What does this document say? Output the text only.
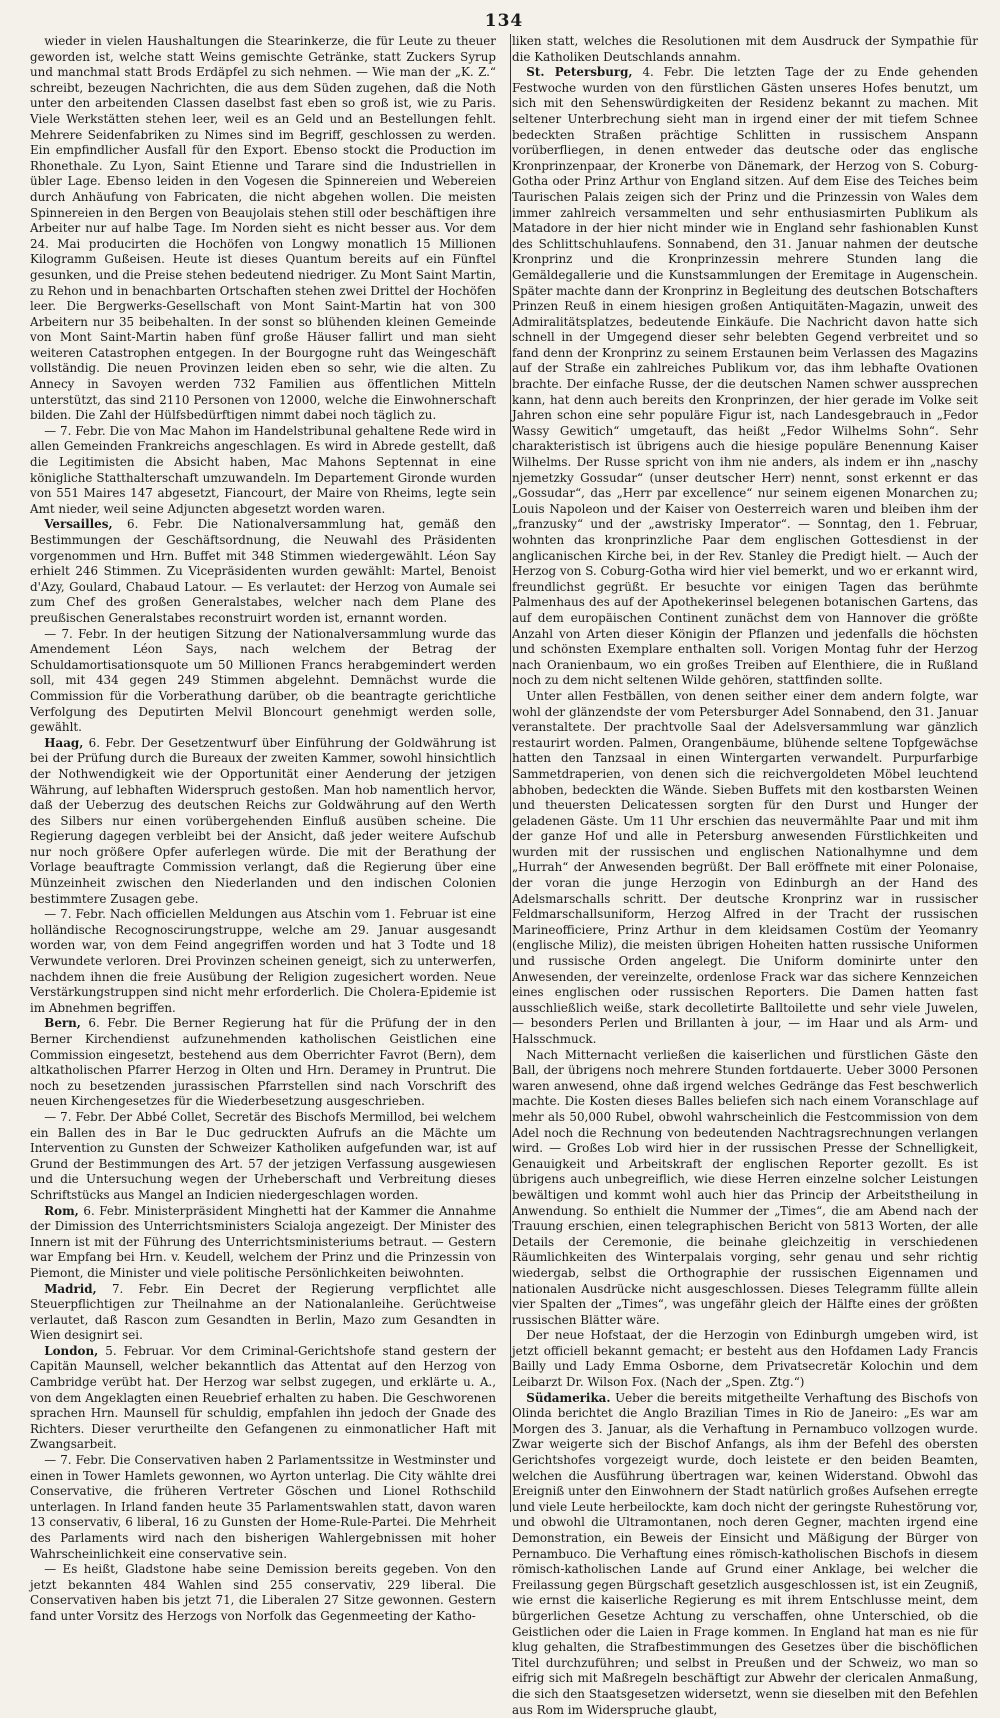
134

wieder in vielen Haushaltungen die Stearinkerze, die für Leute zu theuer geworden ist, welche statt Weins gemischte Getränke, statt Zuckers Syrup und manchmal statt Brods Erdäpfel zu sich nehmen. — Wie man der „K. Z.“ schreibt, bezeugen Nachrichten, die aus dem Süden zugehen, daß die Noth unter den arbeitenden Classen daselbst fast eben so groß ist, wie zu Paris. Viele Werkstätten stehen leer, weil es an Geld und an Bestellungen fehlt. Mehrere Seidenfabriken zu Nimes sind im Begriff, geschlossen zu werden. Ein empfindlicher Ausfall für den Export. Ebenso stockt die Production im Rhonethale. Zu Lyon, Saint Etienne und Tarare sind die Industriellen in übler Lage. Ebenso leiden in den Vogesen die Spinnereien und Webereien durch Anhäufung von Fabricaten, die nicht abgehen wollen. Die meisten Spinnereien in den Bergen von Beaujolais stehen still oder beschäftigen ihre Arbeiter nur auf halbe Tage. Im Norden sieht es nicht besser aus. Vor dem 24. Mai producirten die Hochöfen von Longwy monatlich 15 Millionen Kilogramm Gußeisen. Heute ist dieses Quantum bereits auf ein Fünftel gesunken, und die Preise stehen bedeutend niedriger. Zu Mont Saint Martin, zu Rehon und in benachbarten Ortschaften stehen zwei Drittel der Hochöfen leer. Die Bergwerks-Gesellschaft von Mont Saint-Martin hat von 300 Arbeitern nur 35 beibehalten. In der sonst so blühenden kleinen Gemeinde von Mont Saint-Martin haben fünf große Häuser fallirt und man sieht weiteren Catastrophen entgegen. In der Bourgogne ruht das Weingeschäft vollständig. Die neuen Provinzen leiden eben so sehr, wie die alten. Zu Annecy in Savoyen werden 732 Familien aus öffentlichen Mitteln unterstützt, das sind 2110 Personen von 12000, welche die Einwohnerschaft bilden. Die Zahl der Hülfsbedürftigen nimmt dabei noch täglich zu.

— 7. Febr. Die von Mac Mahon im Handelstribunal gehaltene Rede wird in allen Gemeinden Frankreichs angeschlagen. Es wird in Abrede gestellt, daß die Legitimisten die Absicht haben, Mac Mahons Septennat in eine königliche Statthalterschaft umzuwandeln. Im Departement Gironde wurden von 551 Maires 147 abgesetzt, Fiancourt, der Maire von Rheims, legte sein Amt nieder, weil seine Adjuncten abgesetzt worden waren.

Versailles, 6. Febr. Die Nationalversammlung hat, gemäß den Bestimmungen der Geschäftsordnung, die Neuwahl des Präsidenten vorgenommen und Hrn. Buffet mit 348 Stimmen wiedergewählt. Léon Say erhielt 246 Stimmen. Zu Vicepräsidenten wurden gewählt: Martel, Benoist d'Azy, Goulard, Chabaud Latour. — Es verlautet: der Herzog von Aumale sei zum Chef des großen Generalstabes, welcher nach dem Plane des preußischen Generalstabes reconstruirt worden ist, ernannt worden.

— 7. Febr. In der heutigen Sitzung der Nationalversammlung wurde das Amendement Léon Says, nach welchem der Betrag der Schuldamortisationsquote um 50 Millionen Francs herabgemindert werden soll, mit 434 gegen 249 Stimmen abgelehnt. Demnächst wurde die Commission für die Vorberathung darüber, ob die beantragte gerichtliche Verfolgung des Deputirten Melvil Bloncourt genehmigt werden solle, gewählt.

Haag, 6. Febr. Der Gesetzentwurf über Einführung der Goldwährung ist bei der Prüfung durch die Bureaux der zweiten Kammer, sowohl hinsichtlich der Nothwendigkeit wie der Opportunität einer Aenderung der jetzigen Währung, auf lebhaften Widerspruch gestoßen. Man hob namentlich hervor, daß der Ueberzug des deutschen Reichs zur Goldwährung auf den Werth des Silbers nur einen vorübergehenden Einfluß ausüben scheine. Die Regierung dagegen verbleibt bei der Ansicht, daß jeder weitere Aufschub nur noch größere Opfer auferlegen würde. Die mit der Berathung der Vorlage beauftragte Commission verlangt, daß die Regierung über eine Münzeinheit zwischen den Niederlanden und den indischen Colonien bestimmtere Zusagen gebe.

— 7. Febr. Nach officiellen Meldungen aus Atschin vom 1. Februar ist eine holländische Recognoscirungstruppe, welche am 29. Januar ausgesandt worden war, von dem Feind angegriffen worden und hat 3 Todte und 18 Verwundete verloren. Drei Provinzen scheinen geneigt, sich zu unterwerfen, nachdem ihnen die freie Ausübung der Religion zugesichert worden. Neue Verstärkungstruppen sind nicht mehr erforderlich. Die Cholera-Epidemie ist im Abnehmen begriffen.

Bern, 6. Febr. Die Berner Regierung hat für die Prüfung der in den Berner Kirchendienst aufzunehmenden katholischen Geistlichen eine Commission eingesetzt, bestehend aus dem Oberrichter Favrot (Bern), dem altkatholischen Pfarrer Herzog in Olten und Hrn. Deramey in Pruntrut. Die noch zu besetzenden jurassischen Pfarrstellen sind nach Vorschrift des neuen Kirchengesetzes für die Wiederbesetzung ausgeschrieben.

— 7. Febr. Der Abbé Collet, Secretär des Bischofs Mermillod, bei welchem ein Ballen des in Bar le Duc gedruckten Aufrufs an die Mächte um Intervention zu Gunsten der Schweizer Katholiken aufgefunden war, ist auf Grund der Bestimmungen des Art. 57 der jetzigen Verfassung ausgewiesen und die Untersuchung wegen der Urheberschaft und Verbreitung dieses Schriftstücks aus Mangel an Indicien niedergeschlagen worden.

Rom, 6. Febr. Ministerpräsident Minghetti hat der Kammer die Annahme der Dimission des Unterrichtsministers Scialoja angezeigt. Der Minister des Innern ist mit der Führung des Unterrichtsministeriums betraut. — Gestern war Empfang bei Hrn. v. Keudell, welchem der Prinz und die Prinzessin von Piemont, die Minister und viele politische Persönlichkeiten beiwohnten.

Madrid, 7. Febr. Ein Decret der Regierung verpflichtet alle Steuerpflichtigen zur Theilnahme an der Nationalanleihe. Gerüchtweise verlautet, daß Rascon zum Gesandten in Berlin, Mazo zum Gesandten in Wien designirt sei.

London, 5. Februar. Vor dem Criminal-Gerichtshofe stand gestern der Capitän Maunsell, welcher bekanntlich das Attentat auf den Herzog von Cambridge verübt hat. Der Herzog war selbst zugegen, und erklärte u. A., von dem Angeklagten einen Reuebrief erhalten zu haben. Die Geschworenen sprachen Hrn. Maunsell für schuldig, empfahlen ihn jedoch der Gnade des Richters. Dieser verurtheilte den Gefangenen zu einmonatlicher Haft mit Zwangsarbeit.

— 7. Febr. Die Conservativen haben 2 Parlamentssitze in Westminster und einen in Tower Hamlets gewonnen, wo Ayrton unterlag. Die City wählte drei Conservative, die früheren Vertreter Göschen und Lionel Rothschild unterlagen. In Irland fanden heute 35 Parlamentswahlen statt, davon waren 13 conservativ, 6 liberal, 16 zu Gunsten der Home-Rule-Partei. Die Mehrheit des Parlaments wird nach den bisherigen Wahlergebnissen mit hoher Wahrscheinlichkeit eine conservative sein.

— Es heißt, Gladstone habe seine Demission bereits gegeben. Von den jetzt bekannten 484 Wahlen sind 255 conservativ, 229 liberal. Die Conservativen haben bis jetzt 71, die Liberalen 27 Sitze gewonnen. Gestern fand unter Vorsitz des Herzogs von Norfolk das Gegenmeeting der Katho-

liken statt, welches die Resolutionen mit dem Ausdruck der Sympathie für die Katholiken Deutschlands annahm.

St. Petersburg, 4. Febr. Die letzten Tage der zu Ende gehenden Festwoche wurden von den fürstlichen Gästen unseres Hofes benutzt, um sich mit den Sehenswürdigkeiten der Residenz bekannt zu machen. Mit seltener Unterbrechung sieht man in irgend einer der mit tiefem Schnee bedeckten Straßen prächtige Schlitten in russischem Anspann vorüberfliegen, in denen entweder das deutsche oder das englische Kronprinzenpaar, der Kronerbe von Dänemark, der Herzog von S. Coburg-Gotha oder Prinz Arthur von England sitzen. Auf dem Eise des Teiches beim Taurischen Palais zeigen sich der Prinz und die Prinzessin von Wales dem immer zahlreich versammelten und sehr enthusiasmirten Publikum als Matadore in der hier nicht minder wie in England sehr fashionablen Kunst des Schlittschuhlaufens. Sonnabend, den 31. Januar nahmen der deutsche Kronprinz und die Kronprinzessin mehrere Stunden lang die Gemäldegallerie und die Kunstsammlungen der Eremitage in Augenschein. Später machte dann der Kronprinz in Begleitung des deutschen Botschafters Prinzen Reuß in einem hiesigen großen Antiquitäten-Magazin, unweit des Admiralitätsplatzes, bedeutende Einkäufe. Die Nachricht davon hatte sich schnell in der Umgegend dieser sehr belebten Gegend verbreitet und so fand denn der Kronprinz zu seinem Erstaunen beim Verlassen des Magazins auf der Straße ein zahlreiches Publikum vor, das ihm lebhafte Ovationen brachte. Der einfache Russe, der die deutschen Namen schwer aussprechen kann, hat denn auch bereits den Kronprinzen, der hier gerade im Volke seit Jahren schon eine sehr populäre Figur ist, nach Landesgebrauch in „Fedor Wassy Gewitich“ umgetauft, das heißt „Fedor Wilhelms Sohn“. Sehr charakteristisch ist übrigens auch die hiesige populäre Benennung Kaiser Wilhelms. Der Russe spricht von ihm nie anders, als indem er ihn „naschy njemetzky Gossudar“ (unser deutscher Herr) nennt, sonst erkennt er das „Gossudar“, das „Herr par excellence“ nur seinem eigenen Monarchen zu; Louis Napoleon und der Kaiser von Oesterreich waren und bleiben ihm der „franzusky“ und der „awstrisky Imperator“. — Sonntag, den 1. Februar, wohnten das kronprinzliche Paar dem englischen Gottesdienst in der anglicanischen Kirche bei, in der Rev. Stanley die Predigt hielt. — Auch der Herzog von S. Coburg-Gotha wird hier viel bemerkt, und wo er erkannt wird, freundlichst gegrüßt. Er besuchte vor einigen Tagen das berühmte Palmenhaus des auf der Apothekerinsel belegenen botanischen Gartens, das auf dem europäischen Continent zunächst dem von Hannover die größte Anzahl von Arten dieser Königin der Pflanzen und jedenfalls die höchsten und schönsten Exemplare enthalten soll. Vorigen Montag fuhr der Herzog nach Oranienbaum, wo ein großes Treiben auf Elenthiere, die in Rußland noch zu dem nicht seltenen Wilde gehören, stattfinden sollte.

Unter allen Festbällen, von denen seither einer dem andern folgte, war wohl der glänzendste der vom Petersburger Adel Sonnabend, den 31. Januar veranstaltete. Der prachtvolle Saal der Adelsversammlung war gänzlich restaurirt worden. Palmen, Orangenbäume, blühende seltene Topfgewächse hatten den Tanzsaal in einen Wintergarten verwandelt. Purpurfarbige Sammetdraperien, von denen sich die reichvergoldeten Möbel leuchtend abhoben, bedeckten die Wände. Sieben Buffets mit den kostbarsten Weinen und theuersten Delicatessen sorgten für den Durst und Hunger der geladenen Gäste. Um 11 Uhr erschien das neuvermählte Paar und mit ihm der ganze Hof und alle in Petersburg anwesenden Fürstlichkeiten und wurden mit der russischen und englischen Nationalhymne und dem „Hurrah“ der Anwesenden begrüßt. Der Ball eröffnete mit einer Polonaise, der voran die junge Herzogin von Edinburgh an der Hand des Adelsmarschalls schritt. Der deutsche Kronprinz war in russischer Feldmarschallsuniform, Herzog Alfred in der Tracht der russischen Marineofficiere, Prinz Arthur in dem kleidsamen Costüm der Yeomanry (englische Miliz), die meisten übrigen Hoheiten hatten russische Uniformen und russische Orden angelegt. Die Uniform dominirte unter den Anwesenden, der vereinzelte, ordenlose Frack war das sichere Kennzeichen eines englischen oder russischen Reporters. Die Damen hatten fast ausschließlich weiße, stark decolletirte Balltoilette und sehr viele Juwelen, — besonders Perlen und Brillanten à jour, — im Haar und als Arm- und Halsschmuck.

Nach Mitternacht verließen die kaiserlichen und fürstlichen Gäste den Ball, der übrigens noch mehrere Stunden fortdauerte. Ueber 3000 Personen waren anwesend, ohne daß irgend welches Gedränge das Fest beschwerlich machte. Die Kosten dieses Balles beliefen sich nach einem Voranschlage auf mehr als 50,000 Rubel, obwohl wahrscheinlich die Festcommission von dem Adel noch die Rechnung von bedeutenden Nachtragsrechnungen verlangen wird. — Großes Lob wird hier in der russischen Presse der Schnelligkeit, Genauigkeit und Arbeitskraft der englischen Reporter gezollt. Es ist übrigens auch unbegreiflich, wie diese Herren einzelne solcher Leistungen bewältigen und kommt wohl auch hier das Princip der Arbeitstheilung in Anwendung. So enthielt die Nummer der „Times“, die am Abend nach der Trauung erschien, einen telegraphischen Bericht von 5813 Worten, der alle Details der Ceremonie, die beinahe gleichzeitig in verschiedenen Räumlichkeiten des Winterpalais vorging, sehr genau und sehr richtig wiedergab, selbst die Orthographie der russischen Eigennamen und nationalen Ausdrücke nicht ausgeschlossen. Dieses Telegramm füllte allein vier Spalten der „Times“, was ungefähr gleich der Hälfte eines der größten russischen Blätter wäre.

Der neue Hofstaat, der die Herzogin von Edinburgh umgeben wird, ist jetzt officiell bekannt gemacht; er besteht aus den Hofdamen Lady Francis Bailly und Lady Emma Osborne, dem Privatsecretär Kolochin und dem Leibarzt Dr. Wilson Fox. (Nach der „Spen. Ztg.“)

Südamerika. Ueber die bereits mitgetheilte Verhaftung des Bischofs von Olinda berichtet die Anglo Brazilian Times in Rio de Janeiro: „Es war am Morgen des 3. Januar, als die Verhaftung in Pernambuco vollzogen wurde. Zwar weigerte sich der Bischof Anfangs, als ihm der Befehl des obersten Gerichtshofes vorgezeigt wurde, doch leistete er den beiden Beamten, welchen die Ausführung übertragen war, keinen Widerstand. Obwohl das Ereigniß unter den Einwohnern der Stadt natürlich großes Aufsehen erregte und viele Leute herbeilockte, kam doch nicht der geringste Ruhestörung vor, und obwohl die Ultramontanen, noch deren Gegner, machten irgend eine Demonstration, ein Beweis der Einsicht und Mäßigung der Bürger von Pernambuco. Die Verhaftung eines römisch-katholischen Bischofs in diesem römisch-katholischen Lande auf Grund einer Anklage, bei welcher die Freilassung gegen Bürgschaft gesetzlich ausgeschlossen ist, ist ein Zeugniß, wie ernst die kaiserliche Regierung es mit ihrem Entschlusse meint, dem bürgerlichen Gesetze Achtung zu verschaffen, ohne Unterschied, ob die Geistlichen oder die Laien in Frage kommen. In England hat man es nie für klug gehalten, die Strafbestimmungen des Gesetzes über die bischöflichen Titel durchzuführen; und selbst in Preußen und der Schweiz, wo man so eifrig sich mit Maßregeln beschäftigt zur Abwehr der clericalen Anmaßung, die sich den Staatsgesetzen widersetzt, wenn sie dieselben mit den Befehlen aus Rom im Widerspruche glaubt,
